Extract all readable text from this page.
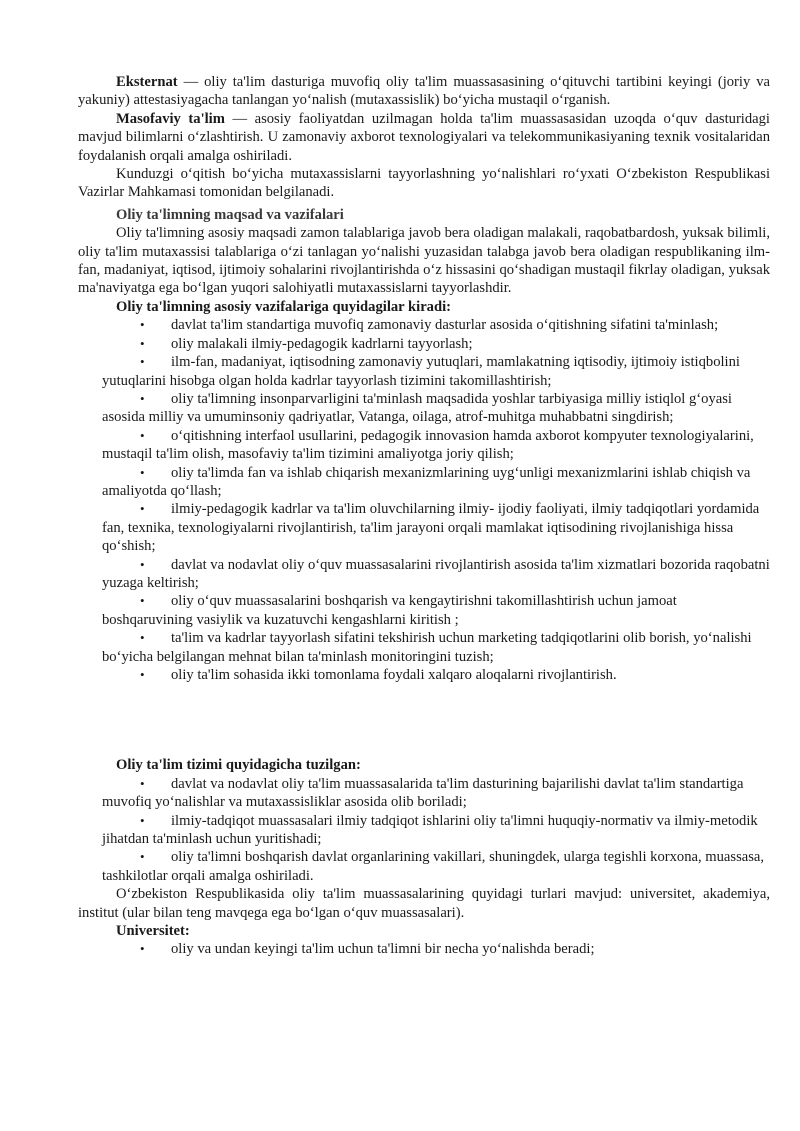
Eksternat — oliy ta'lim dasturiga muvofiq oliy ta'lim muassasasining o‘qituvchi tartibini keyingi (joriy va yakuniy) attestasiyagacha tanlangan yo‘nalish (mutaxassislik) bo‘yicha mustaqil o‘rganish.

Masofaviy ta'lim — asosiy faoliyatdan uzilmagan holda ta'lim muassasasidan uzoqda o‘quv dasturidagi mavjud bilimlarni o‘zlashtirish. U zamonaviy axborot texnologiyalari va telekommunikasiyaning texnik vositalaridan foydalanish orqali amalga oshiriladi.

Kunduzgi o‘qitish bo‘yicha mutaxassislarni tayyorlashning yo‘nalishlari ro‘yxati O‘zbekiston Respublikasi Vazirlar Mahkamasi tomonidan belgilanadi.

Oliy ta'limning maqsad va vazifalari

Oliy ta'limning asosiy maqsadi zamon talablariga javob bera oladigan malakali, raqobatbardosh, yuksak bilimli, oliy ta'lim mutaxassisi talablariga o‘zi tanlagan yo‘nalishi yuzasidan talabga javob bera oladigan respublikaning ilm-fan, madaniyat, iqtisod, ijtimoiy sohalarini rivojlantirishda o‘z hissasini qo‘shadigan mustaqil fikrlay oladigan, yuksak ma'naviyatga ega bo‘lgan yuqori salohiyatli mutaxassislarni tayyorlashdir.

Oliy ta'limning asosiy vazifalariga quyidagilar kiradi:

• davlat ta'lim standartiga muvofiq zamonaviy dasturlar asosida o‘qitishning sifatini ta'minlash;
• oliy malakali ilmiy-pedagogik kadrlarni tayyorlash;
• ilm-fan, madaniyat, iqtisodning zamonaviy yutuqlari, mamlakatning iqtisodiy, ijtimoiy istiqbolini yutuqlarini hisobga olgan holda kadrlar tayyorlash tizimini takomillashtirish;
• oliy ta'limning insonparvarligini ta'minlash maqsadida yoshlar tarbiyasiga milliy istiqlol g‘oyasi asosida milliy va umuminsoniy qadriyatlar, Vatanga, oilaga, atrof-muhitga muhabbatni singdirish;
• o‘qitishning interfaol usullarini, pedagogik innovasion hamda axborot kompyuter texnologiyalarini, mustaqil ta'lim olish, masofaviy ta'lim tizimini amaliyotga joriy qilish;
• oliy ta'limda fan va ishlab chiqarish mexanizmlarining uyg‘unligi mexanizmlarini ishlab chiqish va amaliyotda qo‘llash;
• ilmiy-pedagogik kadrlar va ta'lim oluvchilarning ilmiy- ijodiy faoliyati, ilmiy tadqiqotlari yordamida fan, texnika, texnologiyalarni rivojlantirish, ta'lim jarayoni orqali mamlakat iqtisodining rivojlanishiga hissa qo‘shish;
• davlat va nodavlat oliy o‘quv muassasalarini rivojlantirish asosida ta'lim xizmatlari bozorida raqobatni yuzaga keltirish;
• oliy o‘quv muassasalarini boshqarish va kengaytirishni takomillashtirish uchun jamoat boshqaruvining vasiylik va kuzatuvchi kengashlarni kiritish ;
• ta'lim va kadrlar tayyorlash sifatini tekshirish uchun marketing tadqiqotlarini olib borish, yo‘nalishi bo‘yicha belgilangan mehnat bilan ta'minlash monitoringini tuzish;
• oliy ta'lim sohasida ikki tomonlama foydali xalqaro aloqalarni rivojlantirish.

Oliy ta'lim tizimi quyidagicha tuzilgan:

• davlat va nodavlat oliy ta'lim muassasalarida ta'lim dasturining bajarilishi davlat ta'lim standartiga muvofiq yo‘nalishlar va mutaxassisliklar asosida olib boriladi;
• ilmiy-tadqiqot muassasalari ilmiy tadqiqot ishlarini oliy ta'limni huquqiy-normativ va ilmiy-metodik jihatdan ta'minlash uchun yuritishadi;
• oliy ta'limni boshqarish davlat organlarining vakillari, shuningdek, ularga tegishli korxona, muassasa, tashkilotlar orqali amalga oshiriladi.

O‘zbekiston Respublikasida oliy ta'lim muassasalarining quyidagi turlari mavjud: universitet, akademiya, institut (ular bilan teng mavqega ega bo‘lgan o‘quv muassasalari).

Universitet:

• oliy va undan keyingi ta'lim uchun ta'limni bir necha yo‘nalishda beradi;
